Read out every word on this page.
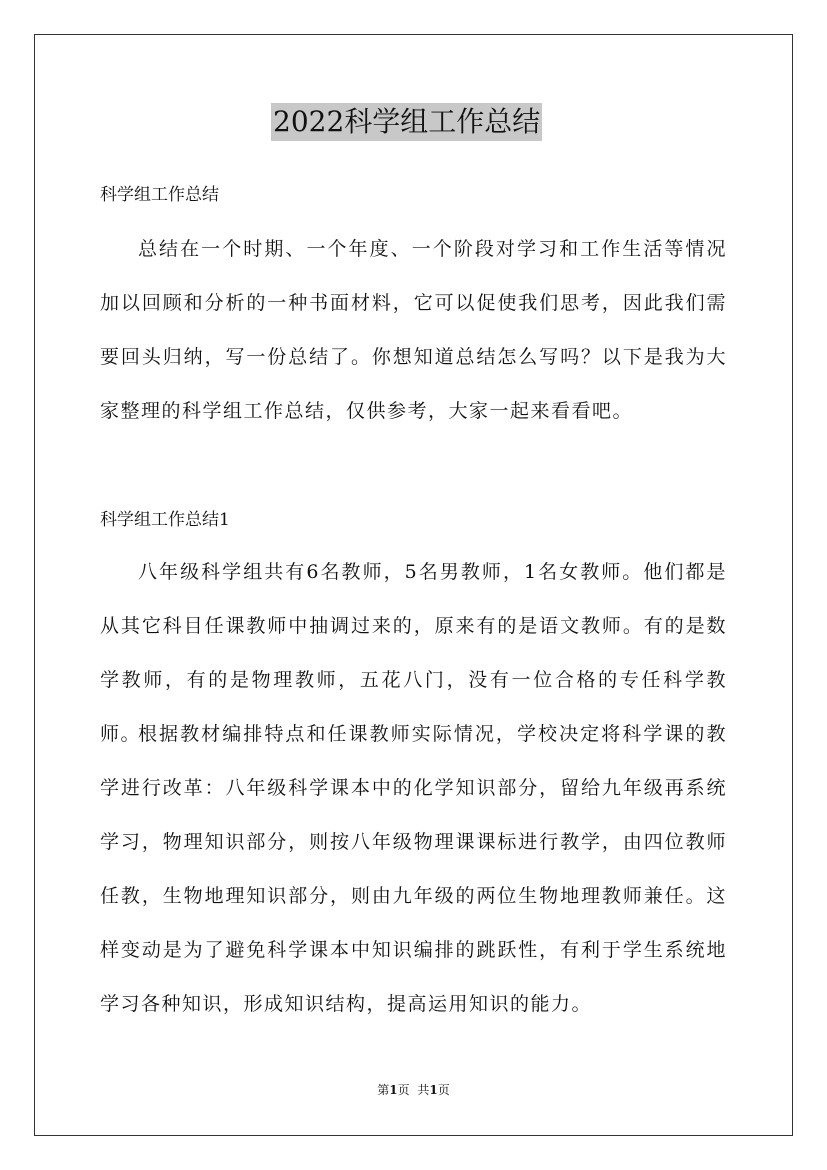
2022科学组工作总结
科学组工作总结

总结在一个时期、一个年度、一个阶段对学习和工作生活等情况加以回顾和分析的一种书面材料，它可以促使我们思考，因此我们需要回头归纳，写一份总结了。你想知道总结怎么写吗？以下是我为大家整理的科学组工作总结，仅供参考，大家一起来看看吧。

科学组工作总结1

八年级科学组共有6名教师，5名男教师，1名女教师。他们都是从其它科目任课教师中抽调过来的，原来有的是语文教师。有的是数学教师，有的是物理教师，五花八门，没有一位合格的专任科学教师。

根据教材编排特点和任课教师实际情况，学校决定将科学课的教学进行改革：八年级科学课本中的化学知识部分，留给九年级再系统学习，物理知识部分，则按八年级物理课课标进行教学，由四位教师任教，生物地理知识部分，则由九年级的两位生物地理教师兼任。这样变动是为了避免科学课本中知识编排的跳跃性，有利于学生系统地学习各种知识，形成知识结构，提高运用知识的能力。

第1页 共1页
